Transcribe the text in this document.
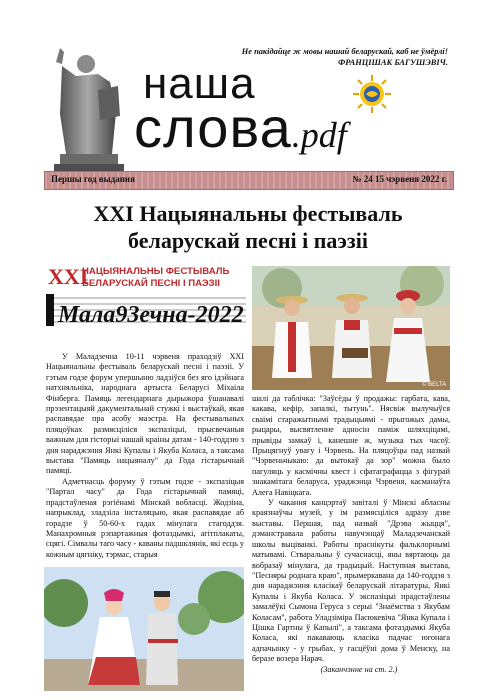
Не пакідайце ж мовы нашай беларускай, каб не ўмёрлі!
ФРАНЦІШАК БАГУШЭВІЧ.
наша
слова.pdf
Першы год выдання	№ 24 15 чэрвеня 2022 г.
XXI Нацыянальны фестываль
беларускай песні і паэзіі
XXI
НАЦЫЯНАЛЬНЫ ФЕСТЫВАЛЬ
БЕЛАРУСКАЙ ПЕСНІ І ПАЭЗІІ
Мала93ечна-2022
© BELTA

У Маладзечна 10-11 чэрвеня праходзіў XXI Нацыянальны фестываль беларускай песні і паэзіі. У гэтым годзе форум упершыню ладзіўся без яго ідэйнага натхняльніка, народнага артыста Беларусі Міхаіла Фінберга. Памяць легендарнага дырыжора ўшанавалі прэзентацыяй дакументальнай стужкі і выстаўкай, якая распавядае пра асобу маэстра. На фестывальных пляцоўках размясціліся экспазіцыі, прысвечаныя важным для гісторыі нашай краіны датам - 140-годдзю з дня нараджэння Янкі Купалы і Якуба Коласа, а таксама выстава "Памяць нацыяналу" да Года гістарычнай памяці.

Адметнасць форуму ў гэтым годзе - экспазіцыя "Партал часу" да Года гістарычнай памяці, прадстаўленая рэгіёнамі Мінскай вобласці. Жодзіна, напрыклад, зладзіла інсталяцыю, якая распавядае аб горадзе ў 50-60-х гадах мінулага стагоддзя. Манахромныя рэпартажныя фотаздымкі, агітплакаты, сцягі. Сімвалы таго часу - каваны падшклянік, які есць у кожным цягніку, тэрмас, старыя

шалі да таблічка: "Заўсёды ў продажы: гарбата, кава, какава, кефір, запалкі, тытунь". Нясвіж вылучыўся сваімі старажытнымі традыцыямі - прыгожых дамы, рыцары, высвятленне адносін паміж шляхціцамі, прывіды замкаў і, канешне ж, музыка тых часоў. Прыцягнуў увагу і Чэрвень. На пляцоўцы пад назвай "Чэрвеньчыкаю: да вытокаў да зор" можна было пагуляць у касмічны квест і сфатаграфацца з фігурай знакамітага беларуса, ураджэнца Чэрвеня, касманаўта Алега Навіцкага.

У чакання канцэртаў завіталі ў Мінскі абласны краязнаўчы музей, у ім размясціліся адразу дзве выставы. Першая, пад назвай "Дрэва жыцця", дэманстравала работы навучэнцаў Маладзечанскай школы выціванкі. Работы праснікуты фальклорнымі матывамі. Стваральны ў сучаснасці, яны вяртаюць да вобразаў мінулага, да традыцый. Наступная выстава, "Песняры роднага краю", прымеркавана да 140-годдзя з дня нараджэння класікаў беларускай літаратуры, Янкі Купалы і Якуба Коласа. У экспазіцыі прадстаўлены замалёўкі Сымона Геруса з серыі "Знаёмства з Якубам Коласам", работа Уладзіміра Пасюкевіча "Янка Купала і Цішка Гартны ў Капылі", а таксама фотаздымкі Якуба Коласа, які пакаваюць класіка падчас югонага адпачынку - у грыбах, у гасцёўні дома ў Менску, на беразе возера Нарач.

(Заканчэнне на ст. 2.)
